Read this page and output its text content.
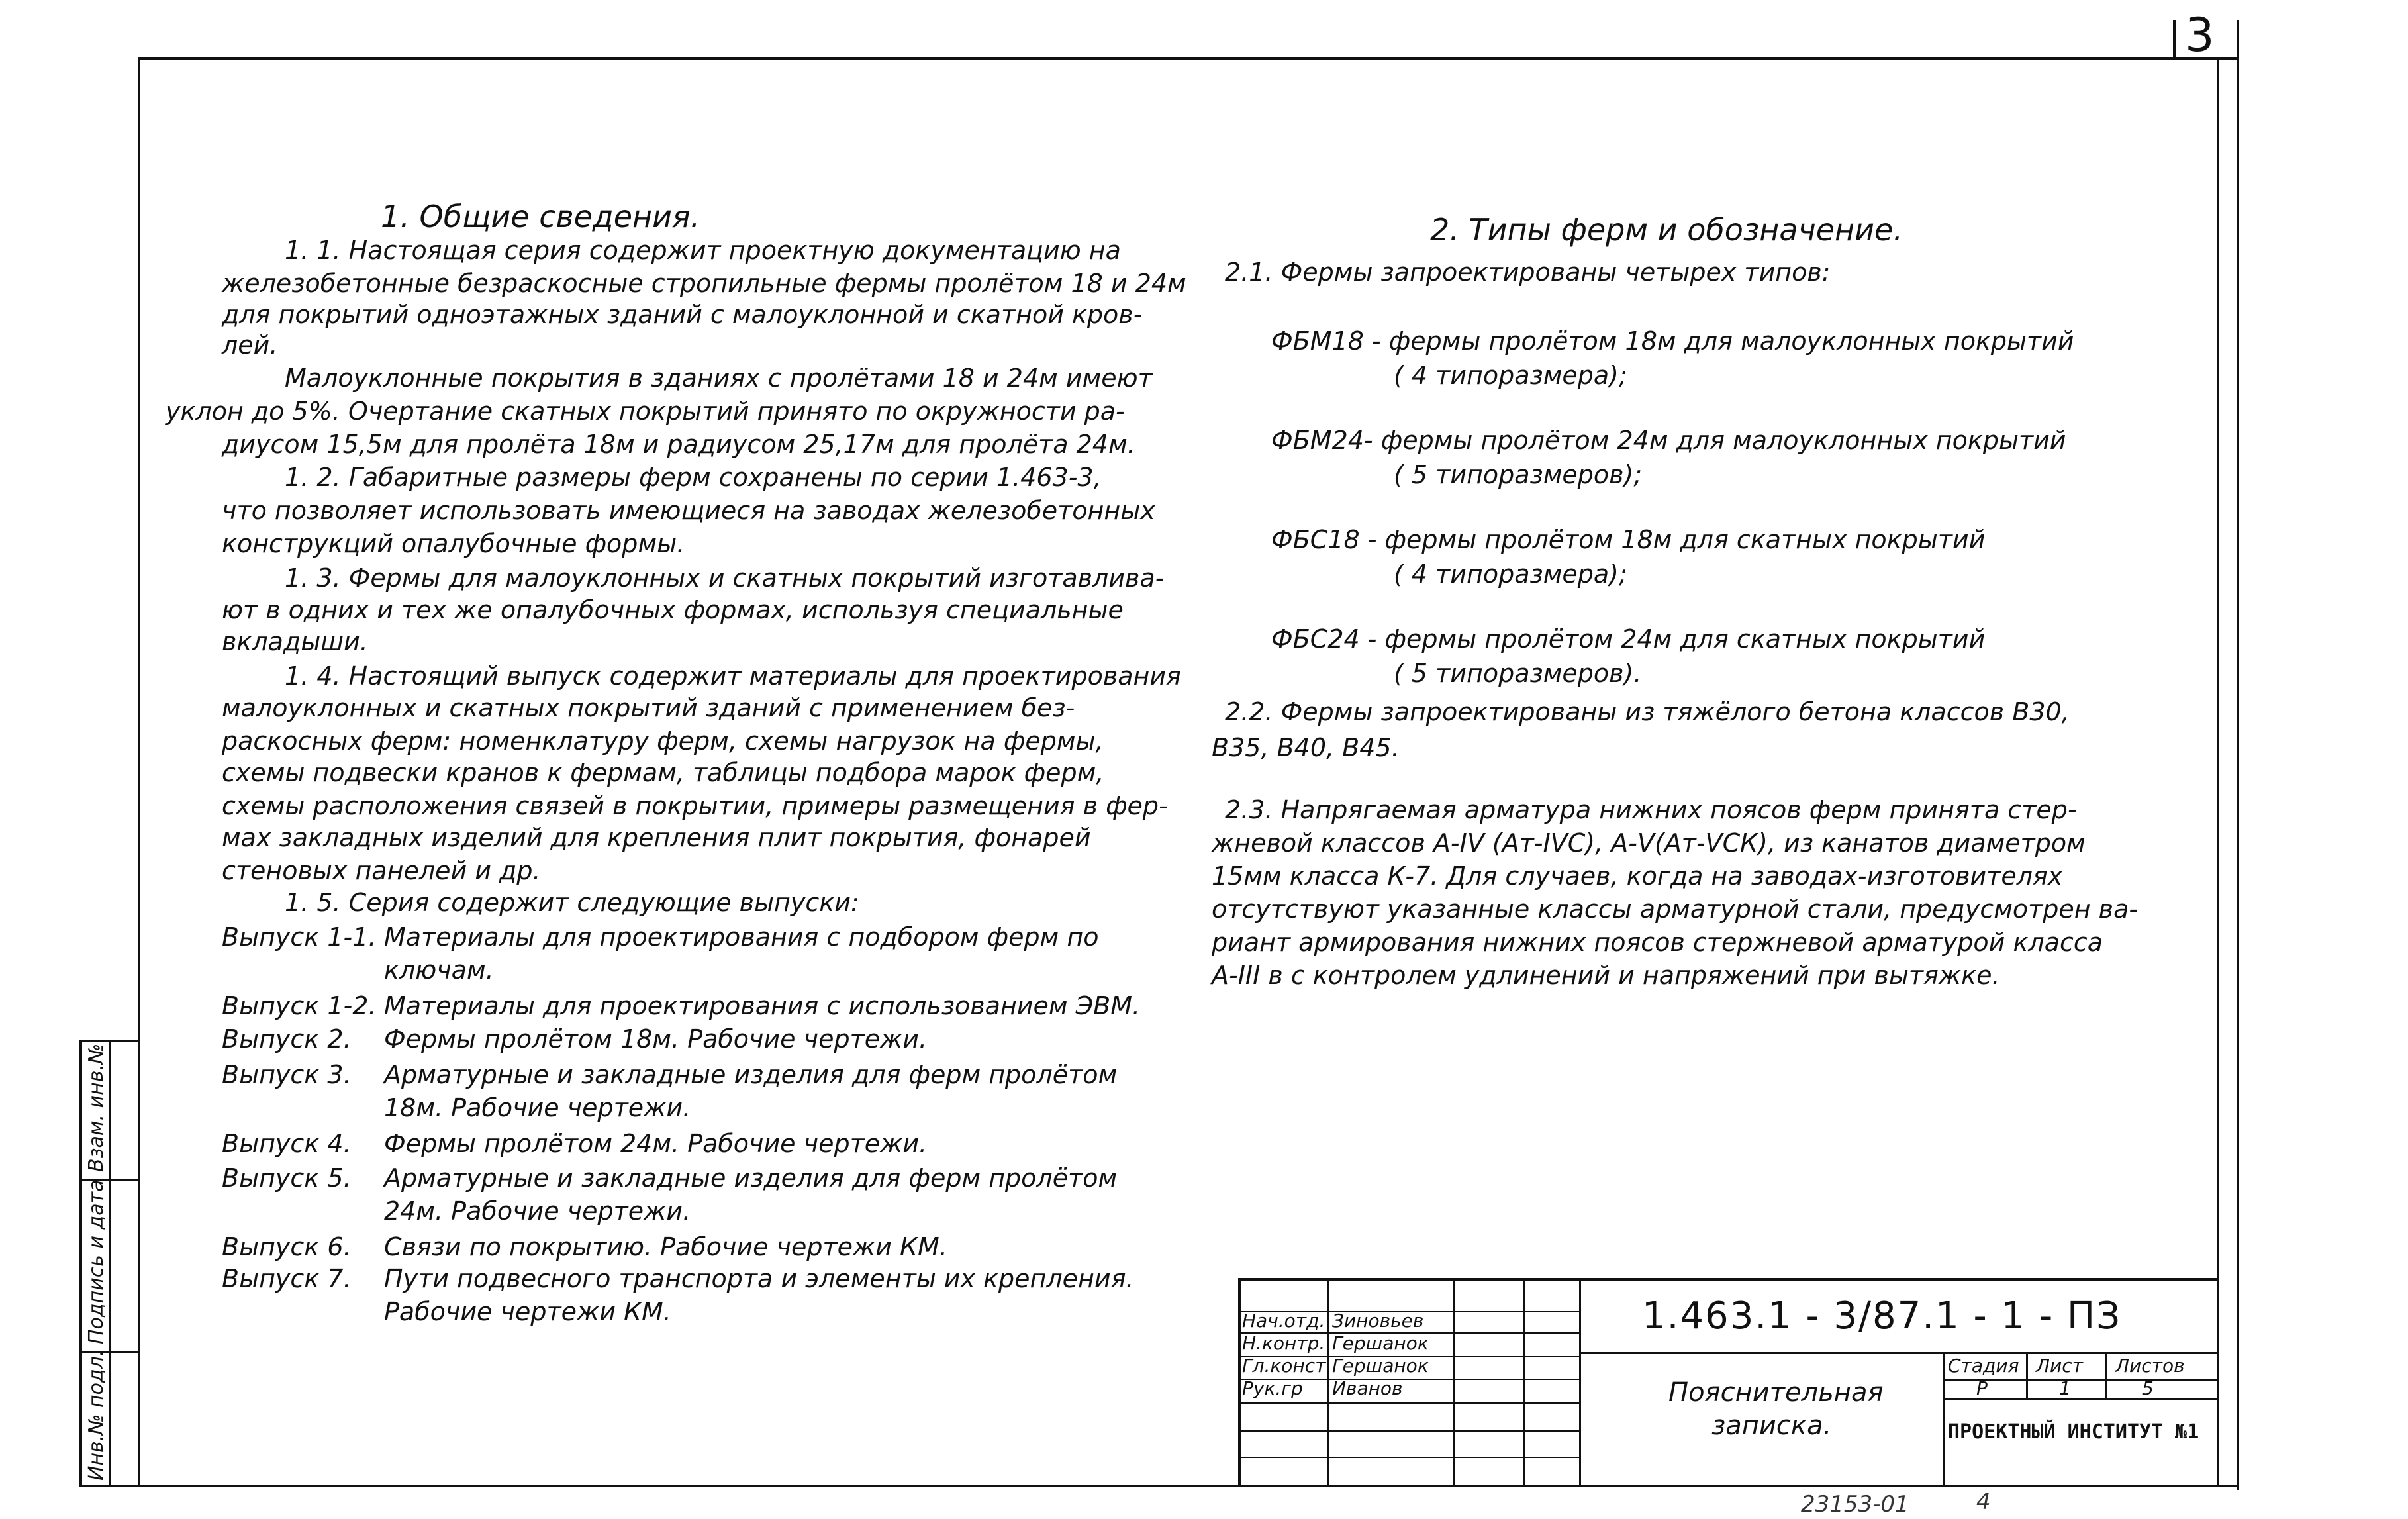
3
1. Общие сведения.
1. 1. Настоящая серия содержит проектную документацию на
железобетонные безраскосные стропильные фермы пролётом 18 и 24м
для покрытий одноэтажных зданий с малоуклонной и скатной кров-
лей.
Малоуклонные покрытия в зданиях с пролётами 18 и 24м имеют
уклон до 5%. Очертание скатных покрытий принято по окружности ра-
диусом 15,5м для пролёта 18м и радиусом 25,17м для пролёта 24м.
1. 2. Габаритные размеры ферм сохранены по серии 1.463-3,
что позволяет использовать имеющиеся на заводах железобетонных
конструкций опалубочные формы.
1. 3. Фермы для малоуклонных и скатных покрытий изготавлива-
ют в одних и тех же опалубочных формах, используя специальные
вкладыши.
1. 4. Настоящий выпуск содержит материалы для проектирования
малоуклонных и скатных покрытий зданий с применением без-
раскосных ферм: номенклатуру ферм, схемы нагрузок на фермы,
схемы подвески кранов к фермам, таблицы подбора марок ферм,
схемы расположения связей в покрытии, примеры размещения в фер-
мах закладных изделий для крепления плит покрытия, фонарей
стеновых панелей и др.
1. 5. Серия содержит следующие выпуски:
Выпуск 1-1. Материалы для проектирования с подбором ферм по
ключам.
Выпуск 1-2. Материалы для проектирования с использованием ЭВМ.
Выпуск 2. Фермы пролётом 18м. Рабочие чертежи.
Выпуск 3. Арматурные и закладные изделия для ферм пролётом
18м. Рабочие чертежи.
Выпуск 4. Фермы пролётом 24м. Рабочие чертежи.
Выпуск 5. Арматурные и закладные изделия для ферм пролётом
24м. Рабочие чертежи.
Выпуск 6. Связи по покрытию. Рабочие чертежи КМ.
Выпуск 7. Пути подвесного транспорта и элементы их крепления.
Рабочие чертежи КМ.
2. Типы ферм и обозначение.
2.1. Фермы запроектированы четырех типов:
ФБМ18 - фермы пролётом 18м для малоуклонных покрытий
( 4 типоразмера);
ФБМ24- фермы пролётом 24м для малоуклонных покрытий
( 5 типоразмеров);
ФБС18 - фермы пролётом 18м для скатных покрытий
( 4 типоразмера);
ФБС24 - фермы пролётом 24м для скатных покрытий
( 5 типоразмеров).
2.2. Фермы запроектированы из тяжёлого бетона классов В30,
В35, В40, В45.
2.3. Напрягаемая арматура нижних поясов ферм принята стер-
жневой классов А-IV (Ат-IVС), А-V(Ат-VCК), из канатов диаметром
15мм класса К-7. Для случаев, когда на заводах-изготовителях
отсутствуют указанные классы арматурной стали, предусмотрен ва-
риант армирования нижних поясов стержневой арматурой класса
А-III в с контролем удлинений и напряжений при вытяжке.
Взам. инв.№
Подпись и дата
Инв.№ подл.
1.463.1 - 3/87.1 - 1 - ПЗ
Нач.отд. Зиновьев
Н.контр. Гершанок
Гл.конст. Гершанок
Рук.гр Иванов	Пояснительная
записка.
Стадия Лист Листов
Р	1	5
ПРОЕКТНЫЙ ИНСТИТУТ №1
23153-01	4
